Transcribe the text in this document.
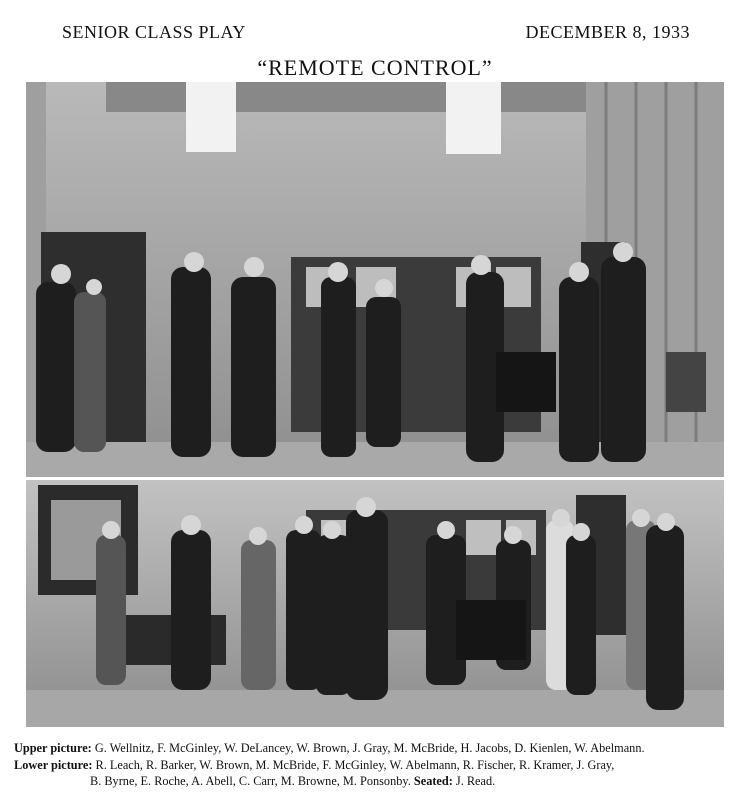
SENIOR CLASS PLAY	DECEMBER 8, 1933
“REMOTE CONTROL”
Upper picture: G. Wellnitz, F. McGinley, W. DeLancey, W. Brown, J. Gray, M. McBride, H. Jacobs, D. Kienlen, W. Abelmann.
Lower picture: R. Leach, R. Barker, W. Brown, M. McBride, F. McGinley, W. Abelmann, R. Fischer, R. Kramer, J. Gray,
B. Byrne, E. Roche, A. Abell, C. Carr, M. Browne, M. Ponsonby. Seated: J. Read.
